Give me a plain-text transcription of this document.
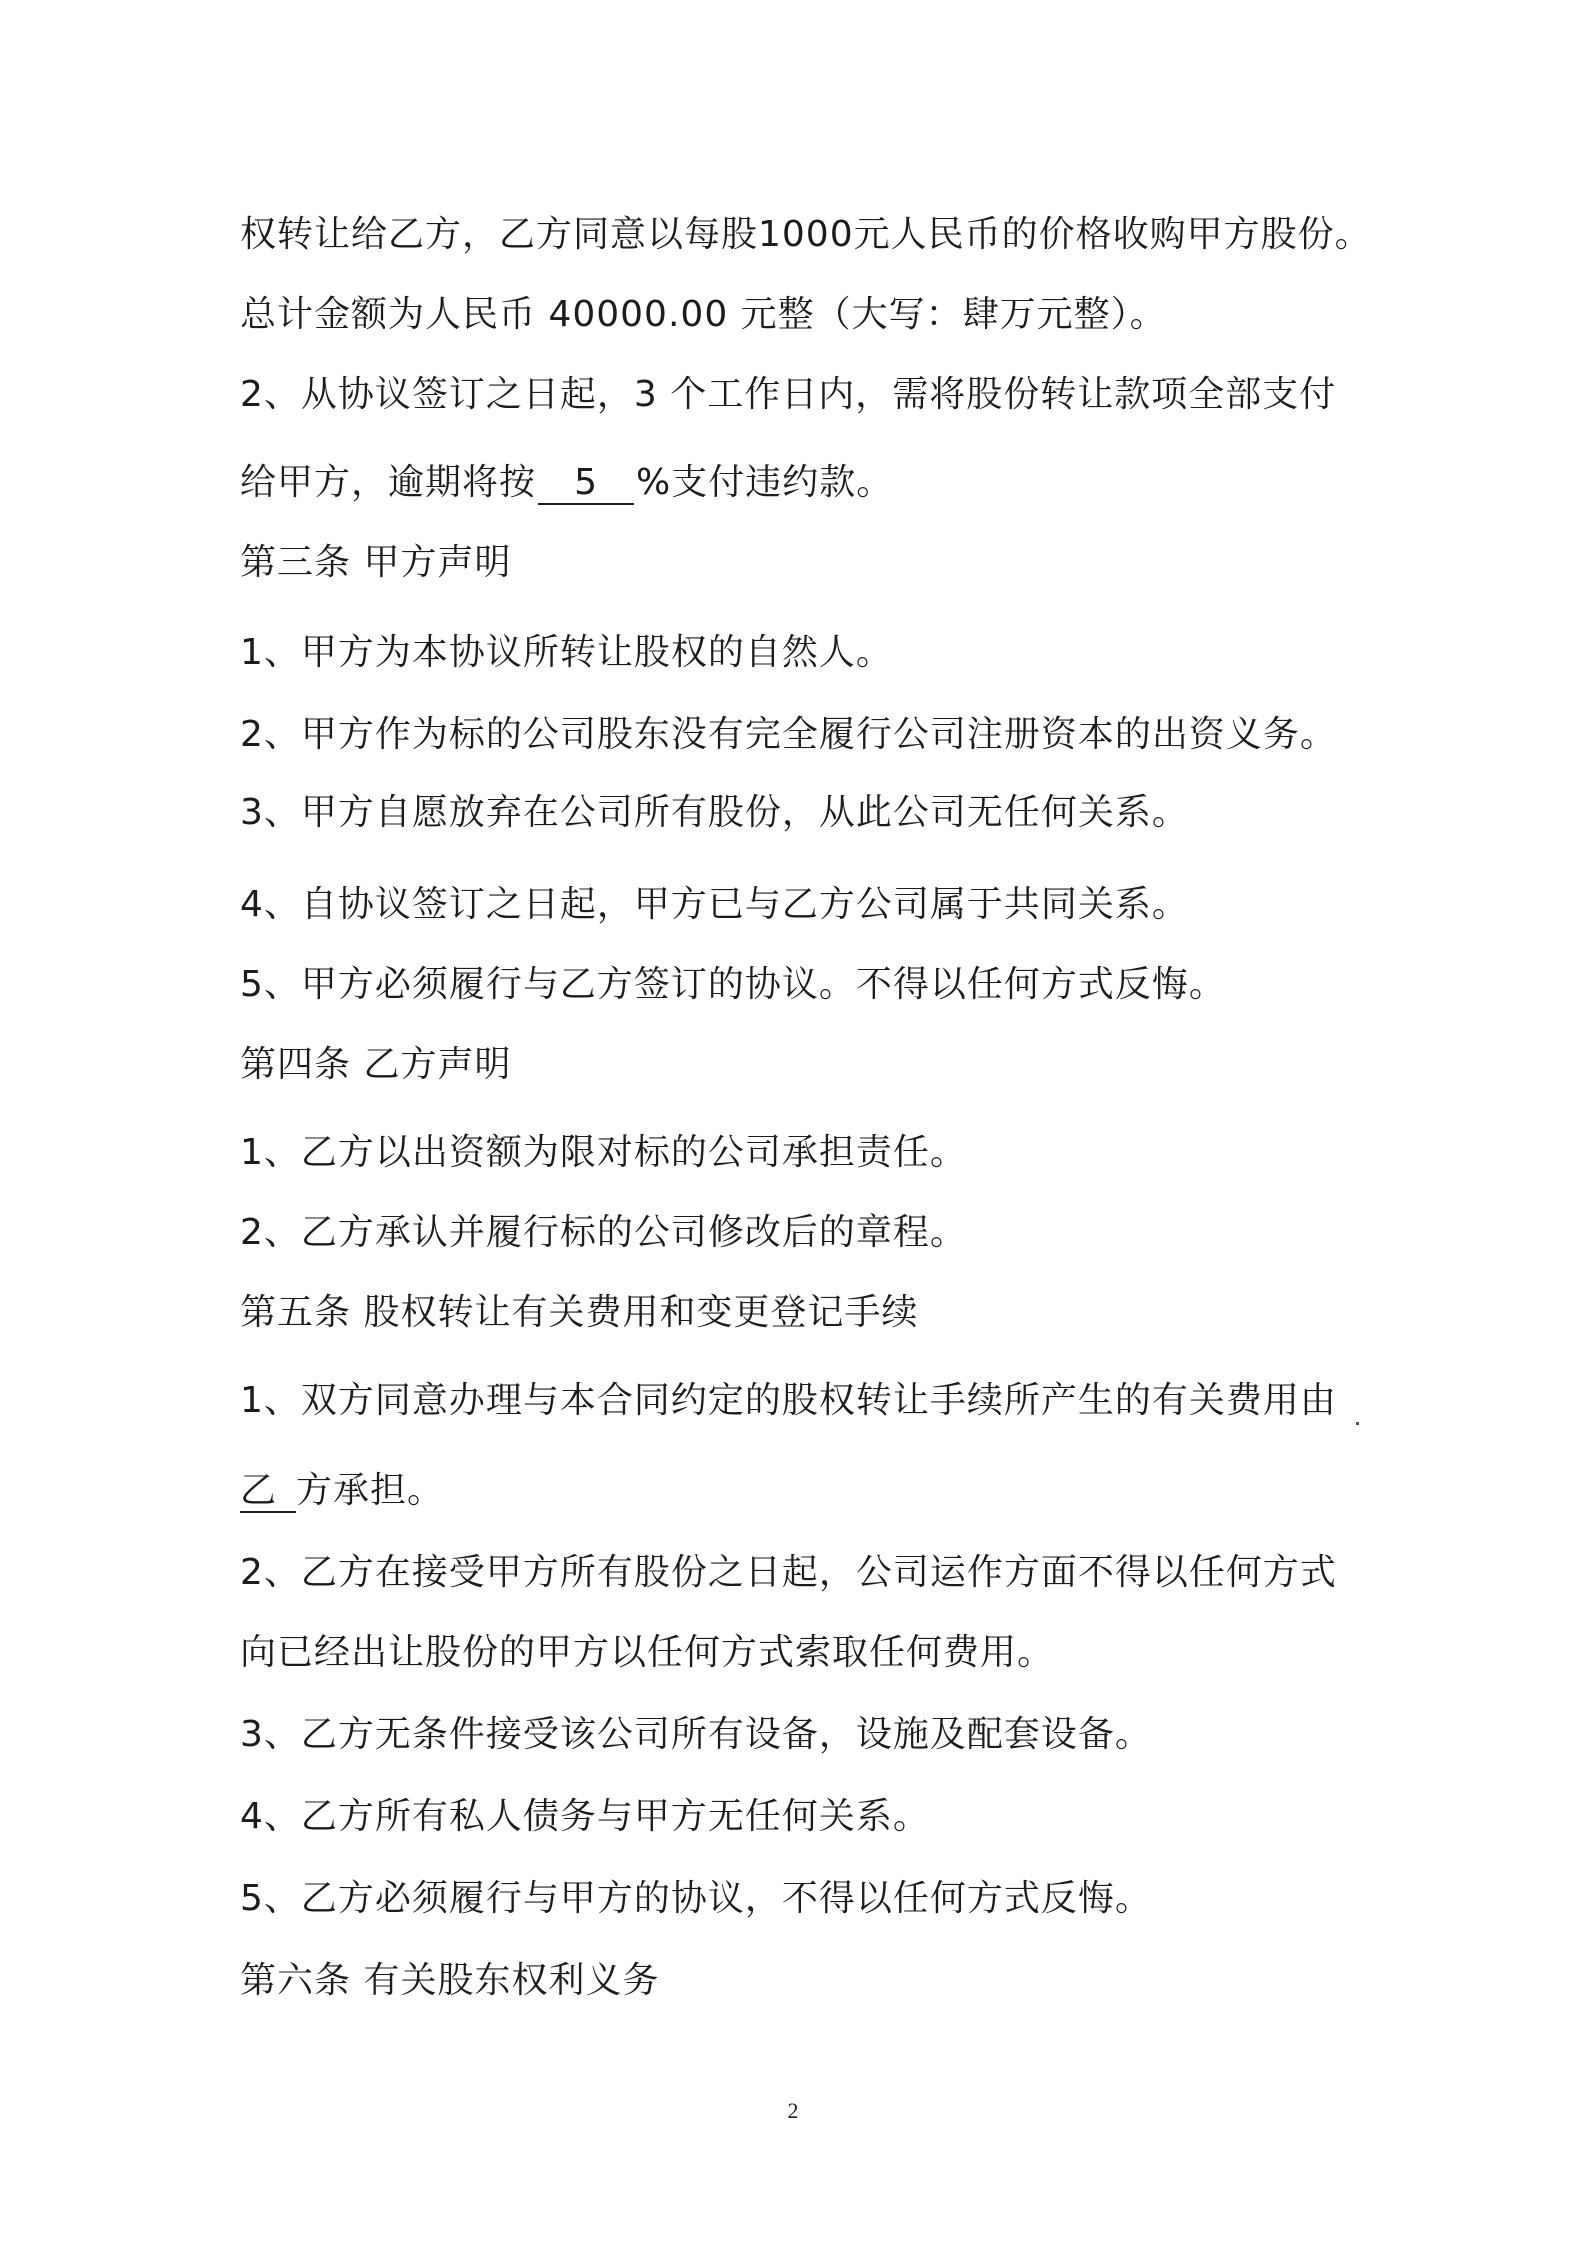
权转让给乙方，乙方同意以每股1000元人民币的价格收购甲方股份。
总计金额为人民币 40000.00 元整（大写：肆万元整）。
2、从协议签订之日起，3 个工作日内，需将股份转让款项全部支付
给甲方，逾期将按 5 %支付违约款。
第三条 甲方声明
1、甲方为本协议所转让股权的自然人。
2、甲方作为标的公司股东没有完全履行公司注册资本的出资义务。
3、甲方自愿放弃在公司所有股份，从此公司无任何关系。
4、自协议签订之日起，甲方已与乙方公司属于共同关系。
5、甲方必须履行与乙方签订的协议。不得以任何方式反悔。
第四条 乙方声明
1、乙方以出资额为限对标的公司承担责任。
2、乙方承认并履行标的公司修改后的章程。
第五条 股权转让有关费用和变更登记手续
1、双方同意办理与本合同约定的股权转让手续所产生的有关费用由
乙 方承担。
2、乙方在接受甲方所有股份之日起，公司运作方面不得以任何方式
向已经出让股份的甲方以任何方式索取任何费用。
3、乙方无条件接受该公司所有设备，设施及配套设备。
4、乙方所有私人债务与甲方无任何关系。
5、乙方必须履行与甲方的协议，不得以任何方式反悔。
第六条 有关股东权利义务
2
